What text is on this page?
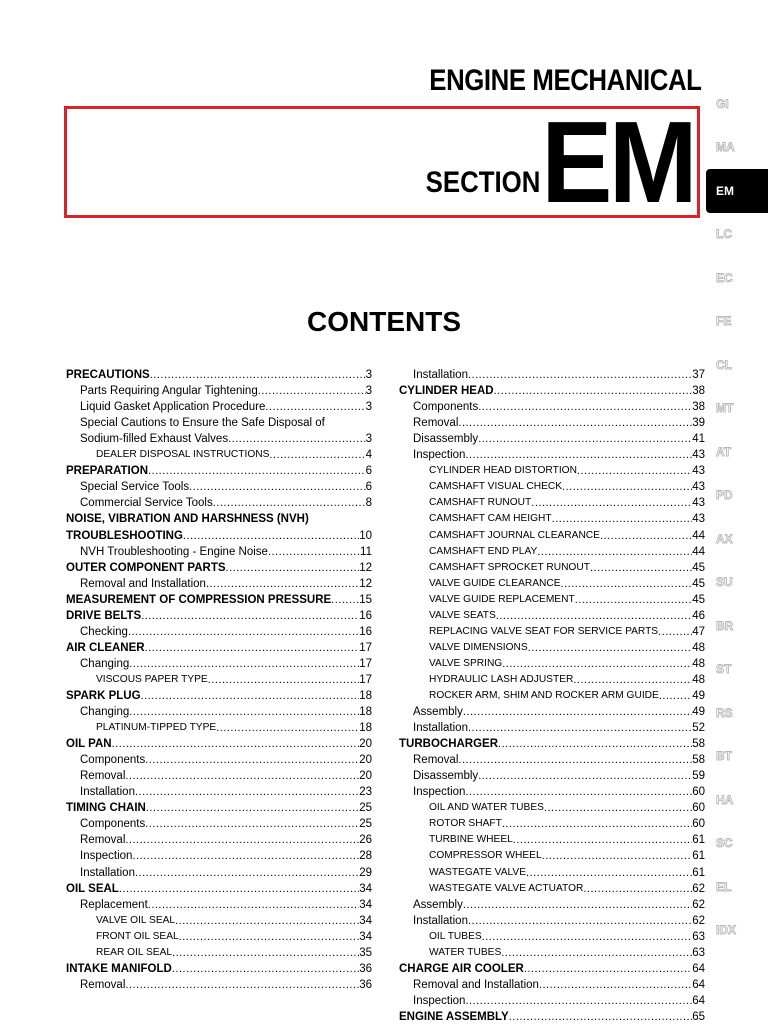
ENGINE MECHANICAL
SECTION EM
CONTENTS
GI
MA
EM
LC
EC
FE
CL
MT
AT
PD
AX
SU
BR
ST
RS
BT
HA
SC
EL
IDX
PRECAUTIONS .....	3
Parts Requiring Angular Tightening .....	3
Liquid Gasket Application Procedure .....	3
Special Cautions to Ensure the Safe Disposal of
Sodium-filled Exhaust Valves .....	3
DEALER DISPOSAL INSTRUCTIONS .....	4
PREPARATION .....	6
Special Service Tools .....	6
Commercial Service Tools .....	8
NOISE, VIBRATION AND HARSHNESS (NVH)
TROUBLESHOOTING .....	10
NVH Troubleshooting - Engine Noise .....	11
OUTER COMPONENT PARTS .....	12
Removal and Installation .....	12
MEASUREMENT OF COMPRESSION PRESSURE ..... 15
DRIVE BELTS .....	16
Checking .....	16
AIR CLEANER .....	17
Changing .....	17
VISCOUS PAPER TYPE .....	17
SPARK PLUG .....	18
Changing .....	18
PLATINUM-TIPPED TYPE .....	18
OIL PAN .....	20
Components .....	20
Removal .....	20
Installation .....	23
TIMING CHAIN .....	25
Components .....	25
Removal .....	26
Inspection .....	28
Installation .....	29
OIL SEAL .....	34
Replacement .....	34
VALVE OIL SEAL .....	34
FRONT OIL SEAL .....	34
REAR OIL SEAL .....	35
INTAKE MANIFOLD .....	36
Removal .....	36
Installation .....	37
CYLINDER HEAD .....	38
Components .....	38
Removal .....	39
Disassembly .....	41
Inspection .....	43
CYLINDER HEAD DISTORTION .....	43
CAMSHAFT VISUAL CHECK .....	43
CAMSHAFT RUNOUT .....	43
CAMSHAFT CAM HEIGHT .....	43
CAMSHAFT JOURNAL CLEARANCE .....	44
CAMSHAFT END PLAY .....	44
CAMSHAFT SPROCKET RUNOUT .....	45
VALVE GUIDE CLEARANCE .....	45
VALVE GUIDE REPLACEMENT .....	45
VALVE SEATS .....	46
REPLACING VALVE SEAT FOR SERVICE PARTS .....	47
VALVE DIMENSIONS .....	48
VALVE SPRING .....	48
HYDRAULIC LASH ADJUSTER .....	48
ROCKER ARM, SHIM AND ROCKER ARM GUIDE .....	49
Assembly .....	49
Installation .....	52
TURBOCHARGER .....	58
Removal .....	58
Disassembly .....	59
Inspection .....	60
OIL AND WATER TUBES .....	60
ROTOR SHAFT .....	60
TURBINE WHEEL .....	61
COMPRESSOR WHEEL .....	61
WASTEGATE VALVE .....	61
WASTEGATE VALVE ACTUATOR .....	62
Assembly .....	62
Installation .....	62
OIL TUBES .....	63
WATER TUBES .....	63
CHARGE AIR COOLER .....	64
Removal and Installation .....	64
Inspection .....	64
ENGINE ASSEMBLY .....	65
